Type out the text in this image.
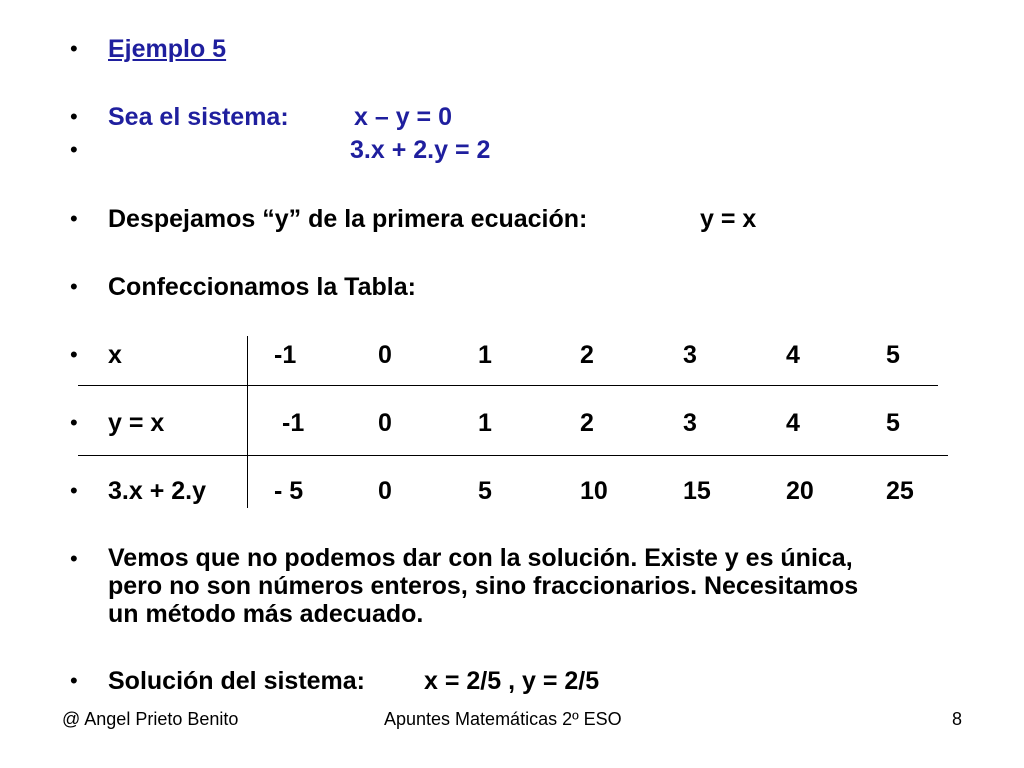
•
•
•
•
•
•
•
•
•
•
Ejemplo 5
Sea el sistema:	x – y = 0
3.x + 2.y = 2
Despejamos “y” de la primera ecuación:	y = x
Confeccionamos la Tabla:
x	-1	0	1	2	3	4	5
y = x	-1	0	1	2	3	4	5
3.x + 2.y	- 5	0	5	10	15	20	25
Vemos que no podemos dar con la solución. Existe y es única,
pero no son números enteros, sino fraccionarios. Necesitamos
un método más adecuado.
Solución del sistema: x = 2/5 , y = 2/5
@ Angel Prieto Benito	Apuntes Matemáticas 2º ESO	8
